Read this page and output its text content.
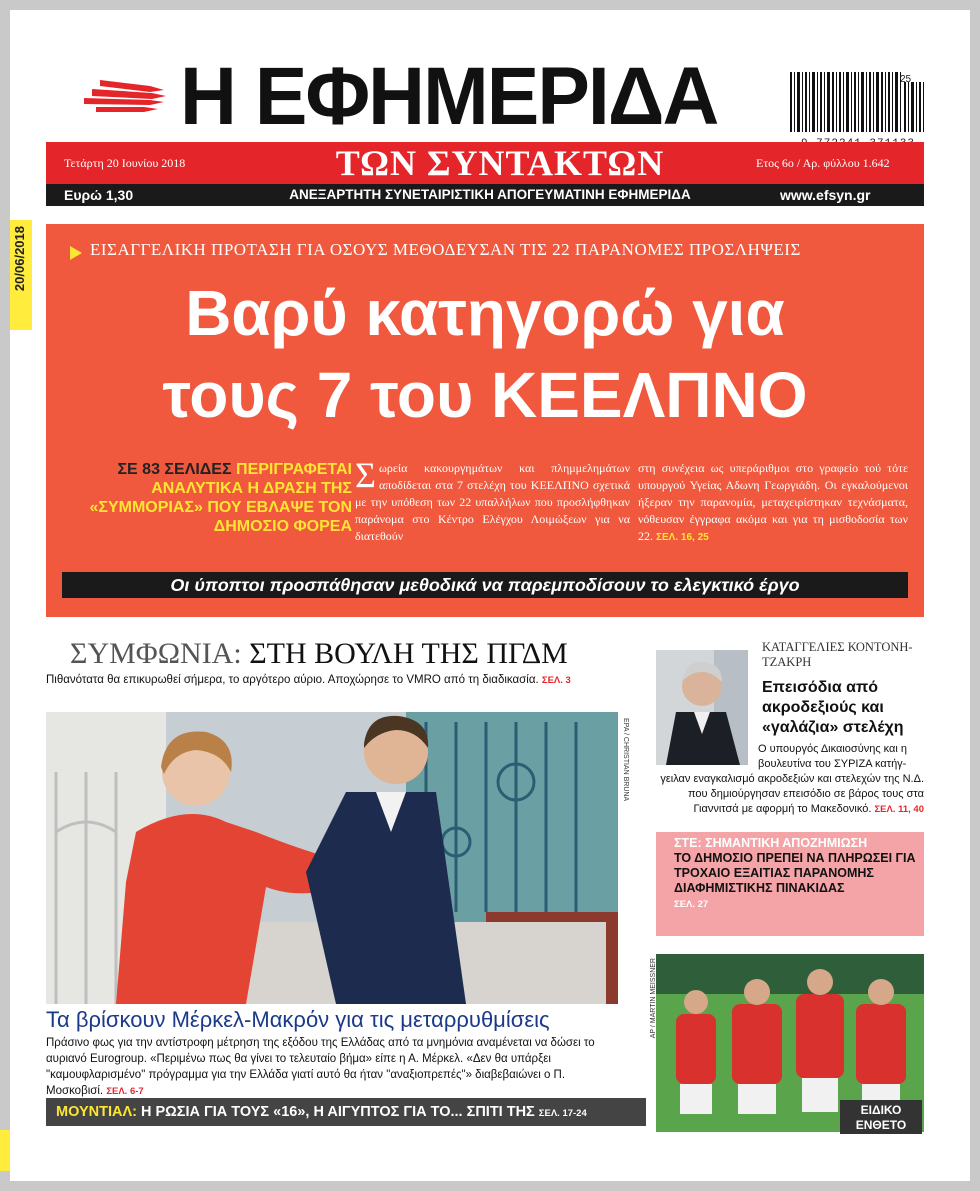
Η ΕΦΗΜΕΡΙΔΑ	25
Τετάρτη 20 Ιουνίου 2018	ΤΩΝ ΣΥΝΤΑΚΤΩΝ	Ετος 6ο / Αρ. φύλλου 1.642
Ευρώ 1,30	ΑΝΕΞΑΡΤΗΤΗ ΣΥΝΕΤΑΙΡΙΣΤΙΚΗ ΑΠΟΓΕΥΜΑΤΙΝΗ ΕΦΗΜΕΡΙΔΑ	www.efsyn.gr
20/06/2018	ΕΙΣΑΓΓΕΛΙΚΗ ΠΡΟΤΑΣΗ ΓΙΑ ΟΣΟΥΣ ΜΕΘΟΔΕΥΣΑΝ ΤΙΣ 22 ΠΑΡΑΝΟΜΕΣ ΠΡΟΣΛΗΨΕΙΣ
Βαρύ κατηγορώ για
τους 7 του ΚΕΕΛΠΝΟ
ΣΕ 83 ΣΕΛΙΔΕΣ ΠΕΡΙΓΡΑΦΕΤΑΙ ΑΝΑΛΥΤΙΚΑ Η ΔΡΑΣΗ ΤΗΣ «ΣΥΜΜΟΡΙΑΣ» ΠΟΥ ΕΒΛΑΨΕ ΤΟΝ ΔΗΜΟΣΙΟ ΦΟΡΕΑ
Σωρεία κακουργημάτων και πλημμελημάτων αποδίδεται στα 7 στελέχη του ΚΕΕΛΠΝΟ σχετικά με την υπόθεση των 22 υπαλλήλων που προσλήφθηκαν παράνομα στο Κέντρο Ελέγχου Λοιμώξεων για να διατεθούν
στη συνέχεια ως υπεράριθμοι στο γραφείο τού τότε υπουργού Υγείας Αδωνη Γεωργιάδη. Οι εγκαλούμενοι ήξεραν την παρανομία, μεταχειρίστηκαν τεχνάσματα, νόθευσαν έγγραφα ακόμα και για τη μισθοδοσία των 22. ΣΕΛ. 16, 25
Οι ύποπτοι προσπάθησαν μεθοδικά να παρεμποδίσουν το ελεγκτικό έργο
ΣΥΜΦΩΝΙΑ: ΣΤΗ ΒΟΥΛΗ ΤΗΣ ΠΓΔΜ
Πιθανότατα θα επικυρωθεί σήμερα, το αργότερο αύριο. Αποχώρησε το VMRO από τη διαδικασία. ΣΕΛ. 3
EPA / CHRISTIAN BRUNA
Τα βρίσκουν Μέρκελ-Μακρόν για τις μεταρρυθμίσεις
Πράσινο φως για την αντίστροφη μέτρηση της εξόδου της Ελλάδας από τα μνημόνια αναμένεται να δώσει το αυριανό Eurogroup. «Περιμένω πως θα γίνει το τελευταίο βήμα» είπε η Α. Μέρκελ. «Δεν θα υπάρξει "καμουφλαρισμένο" πρόγραμμα για την Ελλάδα γιατί αυτό θα ήταν "αναξιοπρεπές"» διαβεβαιώνει ο Π. Μοσκοβισί. ΣΕΛ. 6-7
ΜΟΥΝΤΙΑΛ: Η ΡΩΣΙΑ ΓΙΑ ΤΟΥΣ «16», Η ΑΙΓΥΠΤΟΣ ΓΙΑ ΤΟ... ΣΠΙΤΙ ΤΗΣ ΣΕΛ. 17-24
ΚΑΤΑΓΓΕΛΙΕΣ ΚΟΝΤΟΝΗ-ΤΖΑΚΡΗ
Επεισόδια από ακροδεξιούς και «γαλάζια» στελέχη
Ο υπουργός Δικαιοσύνης και η βουλευτίνα του ΣΥΡΙΖΑ κατήγ-
γειλαν εναγκαλισμό ακροδεξιών και στελεχών της Ν.Δ. που δημιούργησαν επεισόδιο σε βάρος τους στα Γιαννιτσά με αφορμή το Μακεδονικό. ΣΕΛ. 11, 40
ΣΤΕ: ΣΗΜΑΝΤΙΚΗ ΑΠΟΖΗΜΙΩΣΗ
ΤΟ ΔΗΜΟΣΙΟ ΠΡΕΠΕΙ ΝΑ ΠΛΗΡΩΣΕΙ ΓΙΑ ΤΡΟΧΑΙΟ ΕΞΑΙΤΙΑΣ ΠΑΡΑΝΟΜΗΣ ΔΙΑΦΗΜΙΣΤΙΚΗΣ ΠΙΝΑΚΙΔΑΣ
ΣΕΛ. 27
AP / MARTIN MEISSNER
ΕΙΔΙΚΟ
ΕΝΘΕΤΟ
